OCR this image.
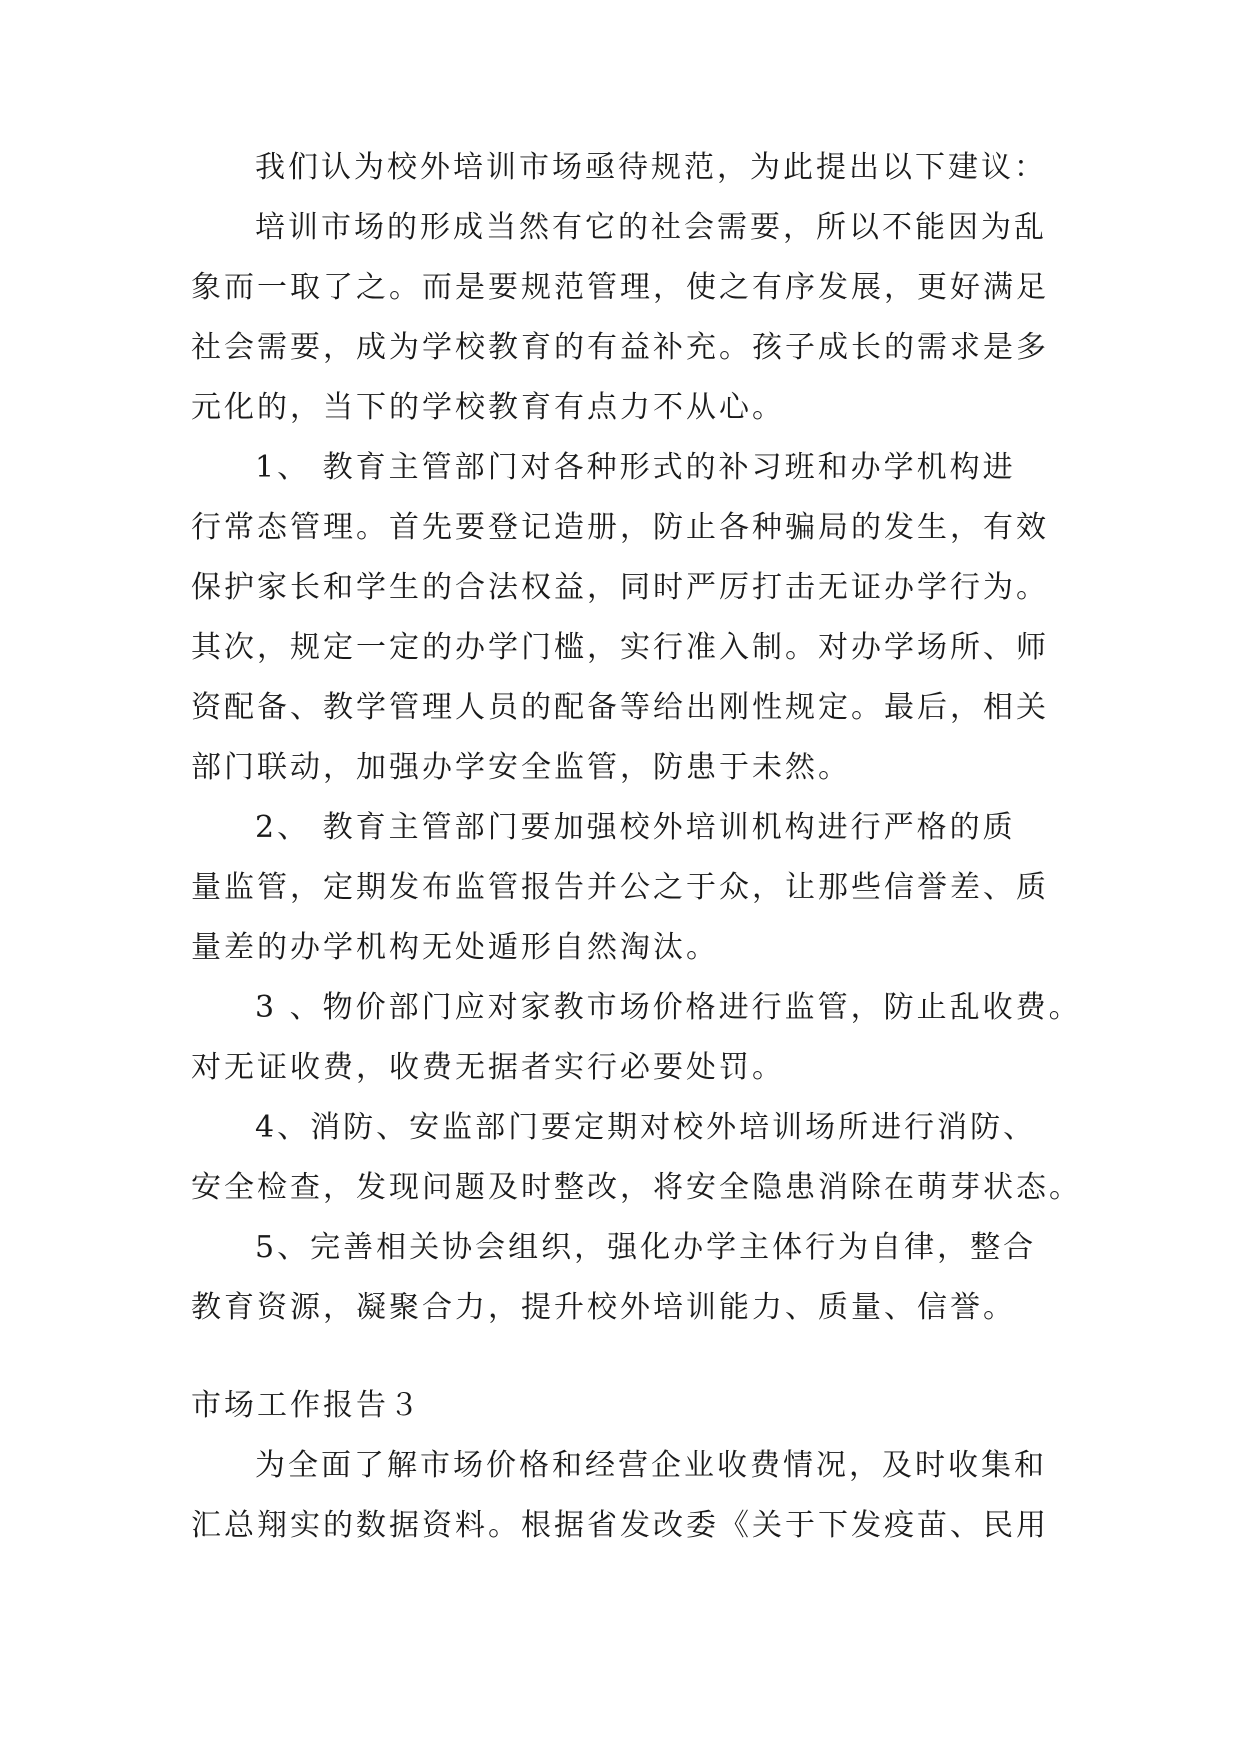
我们认为校外培训市场亟待规范，为此提出以下建议：
培训市场的形成当然有它的社会需要，所以不能因为乱
象而一取了之。而是要规范管理，使之有序发展，更好满足
社会需要，成为学校教育的有益补充。孩子成长的需求是多
元化的，当下的学校教育有点力不从心。
1、 教育主管部门对各种形式的补习班和办学机构进
行常态管理。首先要登记造册，防止各种骗局的发生，有效
保护家长和学生的合法权益，同时严厉打击无证办学行为。
其次，规定一定的办学门槛，实行准入制。对办学场所、师
资配备、教学管理人员的配备等给出刚性规定。最后，相关
部门联动，加强办学安全监管，防患于未然。
2、 教育主管部门要加强校外培训机构进行严格的质
量监管，定期发布监管报告并公之于众，让那些信誉差、质
量差的办学机构无处遁形自然淘汰。
3 、物价部门应对家教市场价格进行监管，防止乱收费。
对无证收费，收费无据者实行必要处罚。
4、消防、安监部门要定期对校外培训场所进行消防、
安全检查，发现问题及时整改，将安全隐患消除在萌芽状态。
5、完善相关协会组织，强化办学主体行为自律，整合
教育资源，凝聚合力，提升校外培训能力、质量、信誉。
市场工作报告３
为全面了解市场价格和经营企业收费情况，及时收集和
汇总翔实的数据资料。根据省发改委《关于下发疫苗、民用
